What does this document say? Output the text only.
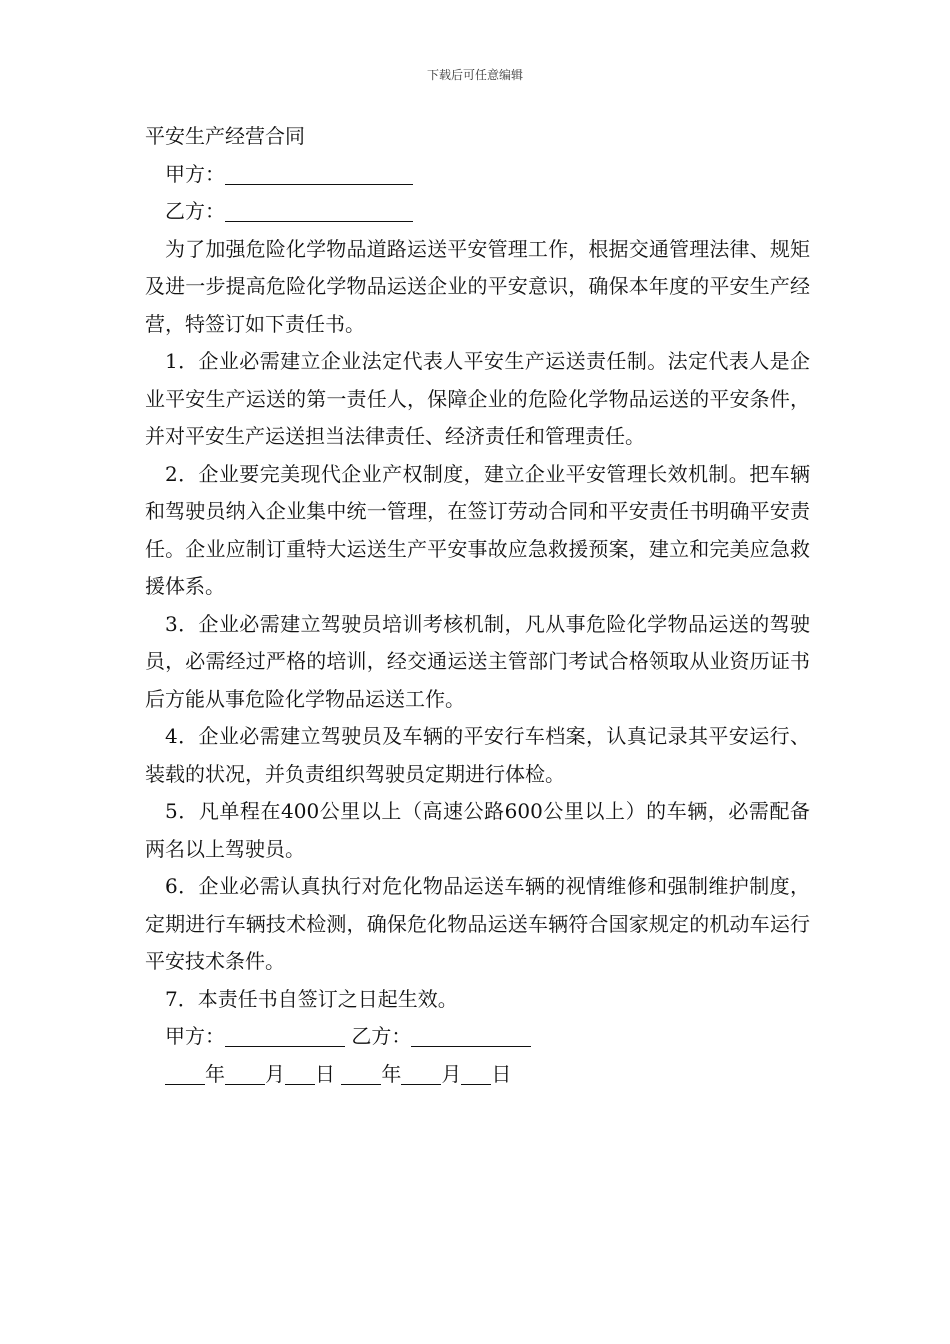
下载后可任意编辑
平安生产经营合同

甲方：

乙方：

为了加强危险化学物品道路运送平安管理工作，根据交通管理法律、规矩及进一步提高危险化学物品运送企业的平安意识，确保本年度的平安生产经营，特签订如下责任书。

1．企业必需建立企业法定代表人平安生产运送责任制。法定代表人是企业平安生产运送的第一责任人，保障企业的危险化学物品运送的平安条件，并对平安生产运送担当法律责任、经济责任和管理责任。

2．企业要完美现代企业产权制度，建立企业平安管理长效机制。把车辆和驾驶员纳入企业集中统一管理，在签订劳动合同和平安责任书明确平安责任。企业应制订重特大运送生产平安事故应急救援预案，建立和完美应急救援体系。

3．企业必需建立驾驶员培训考核机制，凡从事危险化学物品运送的驾驶员，必需经过严格的培训，经交通运送主管部门考试合格领取从业资历证书后方能从事危险化学物品运送工作。

4．企业必需建立驾驶员及车辆的平安行车档案，认真记录其平安运行、装载的状况，并负责组织驾驶员定期进行体检。

5．凡单程在400公里以上（高速公路600公里以上）的车辆，必需配备两名以上驾驶员。

6．企业必需认真执行对危化物品运送车辆的视情维修和强制维护制度，定期进行车辆技术检测，确保危化物品运送车辆符合国家规定的机动车运行平安技术条件。

7．本责任书自签订之日起生效。

甲方：	乙方：

年 月 日 年 月 日
